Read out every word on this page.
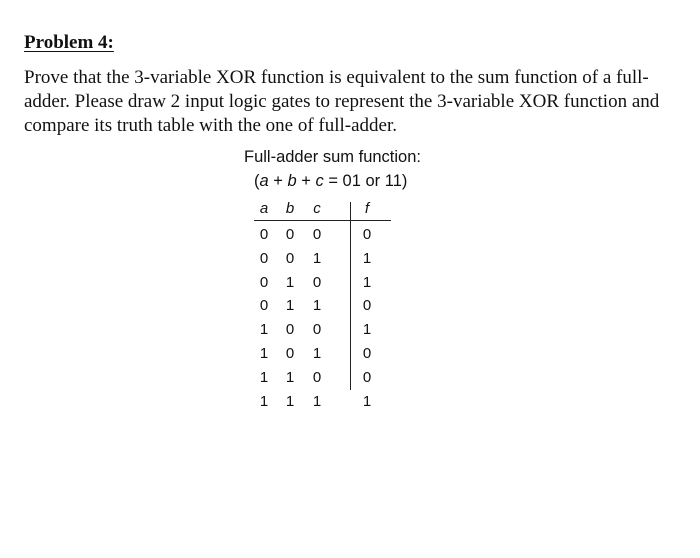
Problem 4:

Prove that the 3-variable XOR function is equivalent to the sum function of a full-
adder. Please draw 2 input logic gates to represent the 3-variable XOR function and
compare its truth table with the one of full-adder.

Full-adder sum function:
(a + b + c = 01 or 11)
a	b	c	f
0	0	0	0
0	0	1	1
0	1	0	1
0	1	1	0
1	0	0	1
1	0	1	0
1	1	0	0
1	1	1	1
